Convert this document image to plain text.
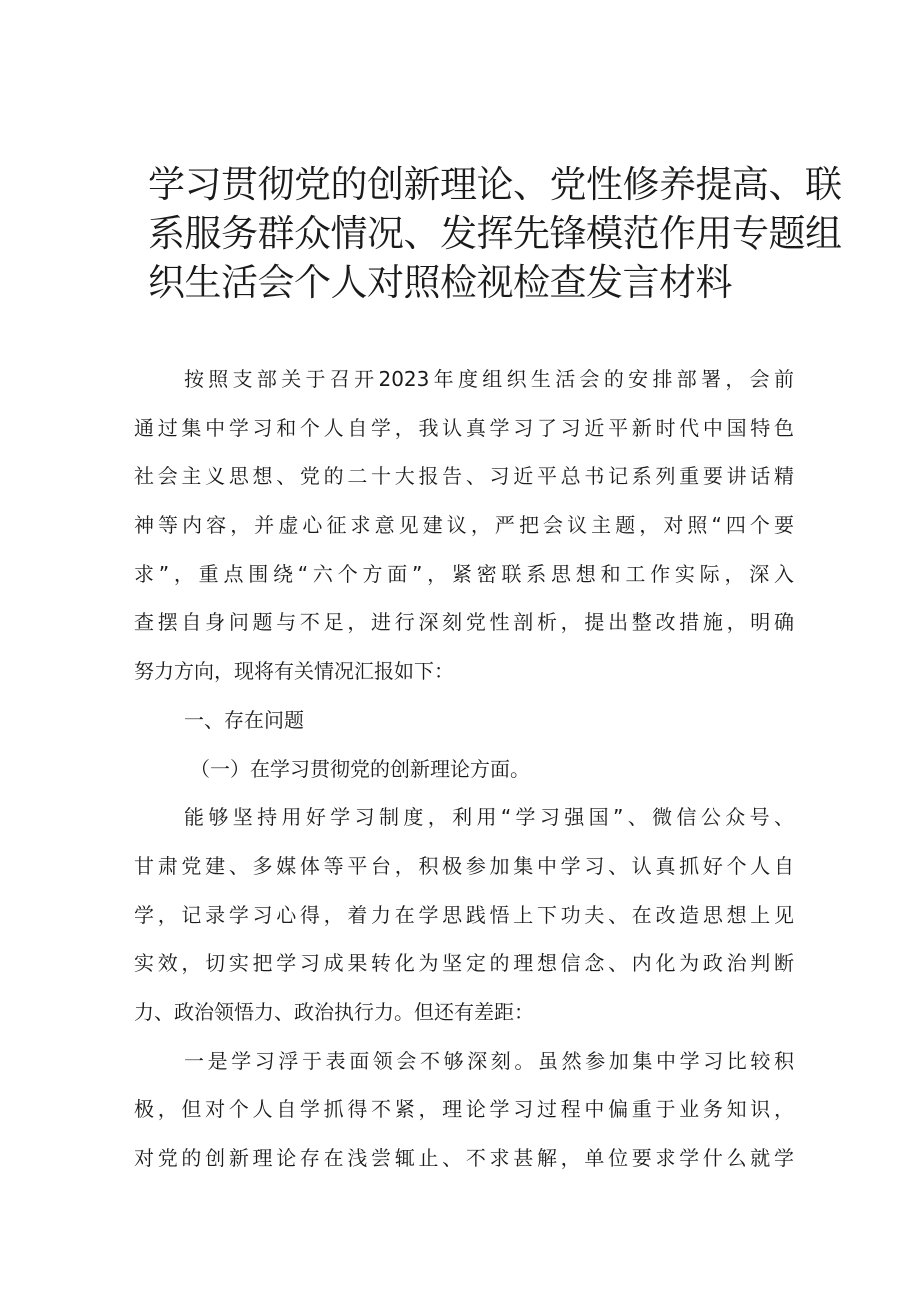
学习贯彻党的创新理论、党性修养提高、联
系服务群众情况、发挥先锋模范作用专题组
织生活会个人对照检视检查发言材料
按照支部关于召开2023年度组织生活会的安排部署，会前
通过集中学习和个人自学，我认真学习了习近平新时代中国特色
社会主义思想、党的二十大报告、习近平总书记系列重要讲话精
神等内容，并虚心征求意见建议，严把会议主题，对照“四个要
求”，重点围绕“六个方面”，紧密联系思想和工作实际，深入
查摆自身问题与不足，进行深刻党性剖析，提出整改措施，明确
努力方向，现将有关情况汇报如下：
一、存在问题
（一）在学习贯彻党的创新理论方面。
能够坚持用好学习制度，利用“学习强国”、微信公众号、
甘肃党建、多媒体等平台，积极参加集中学习、认真抓好个人自
学，记录学习心得，着力在学思践悟上下功夫、在改造思想上见
实效，切实把学习成果转化为坚定的理想信念、内化为政治判断
力、政治领悟力、政治执行力。但还有差距：
一是学习浮于表面领会不够深刻。虽然参加集中学习比较积
极，但对个人自学抓得不紧，理论学习过程中偏重于业务知识，
对党的创新理论存在浅尝辄止、不求甚解，单位要求学什么就学
